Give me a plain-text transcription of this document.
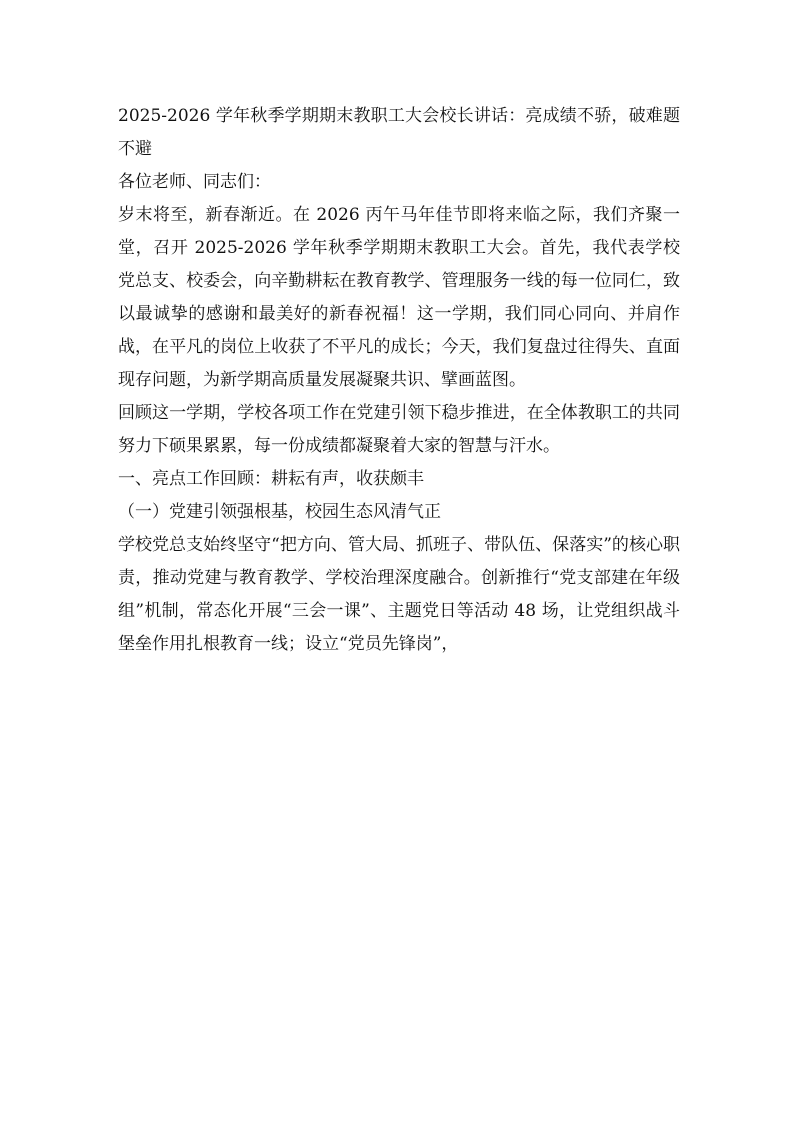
2025-2026 学年秋季学期期末教职工大会校长讲话：亮成绩不骄，破难题不避

各位老师、同志们：

岁末将至，新春渐近。在 2026 丙午马年佳节即将来临之际，我们齐聚一堂，召开 2025-2026 学年秋季学期期末教职工大会。首先，我代表学校党总支、校委会，向辛勤耕耘在教育教学、管理服务一线的每一位同仁，致以最诚挚的感谢和最美好的新春祝福！这一学期，我们同心同向、并肩作战，在平凡的岗位上收获了不平凡的成长；今天，我们复盘过往得失、直面现存问题，为新学期高质量发展凝聚共识、擘画蓝图。

回顾这一学期，学校各项工作在党建引领下稳步推进，在全体教职工的共同努力下硕果累累，每一份成绩都凝聚着大家的智慧与汗水。

一、亮点工作回顾：耕耘有声，收获颇丰

（一）党建引领强根基，校园生态风清气正

学校党总支始终坚守“把方向、管大局、抓班子、带队伍、保落实”的核心职责，推动党建与教育教学、学校治理深度融合。创新推行“党支部建在年级组”机制，常态化开展“三会一课”、主题党日等活动 48 场，让党组织战斗堡垒作用扎根教育一线；设立“党员先锋岗”，
